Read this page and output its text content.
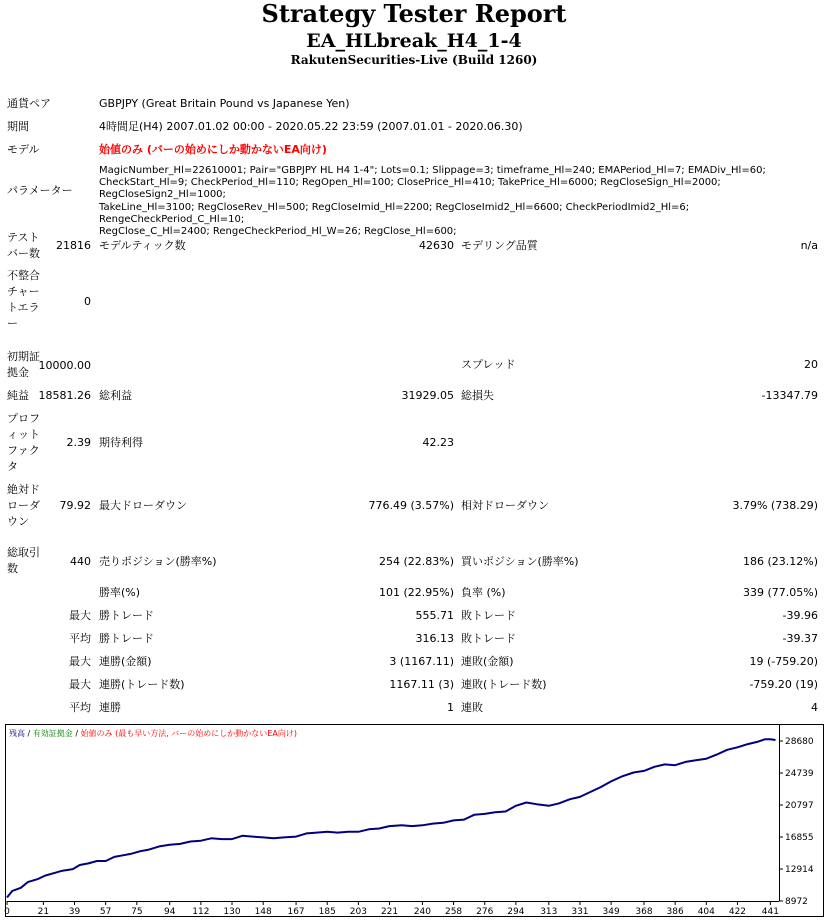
Strategy Tester Report
EA_HLbreak_H4_1-4
RakutenSecurities-Live (Build 1260)
通貨ペア	GBPJPY (Great Britain Pound vs Japanese Yen)
期間	4時間足(H4) 2007.01.02 00:00 - 2020.05.22 23:59 (2007.01.01 - 2020.06.30)
モデル	始値のみ (バーの始めにしか動かないEA向け)
パラメーター
MagicNumber_Hl=22610001; Pair="GBPJPY HL H4 1-4"; Lots=0.1; Slippage=3; timeframe_Hl=240; EMAPeriod_Hl=7; EMADiv_Hl=60;
CheckStart_Hl=9; CheckPeriod_Hl=110; RegOpen_Hl=100; ClosePrice_Hl=410; TakePrice_Hl=6000; RegCloseSign_Hl=2000; RegCloseSign2_Hl=1000;
TakeLine_Hl=3100; RegCloseRev_Hl=500; RegCloseImid_Hl=2200; RegCloseImid2_Hl=6600; CheckPeriodImid2_Hl=6; RengeCheckPeriod_C_Hl=10;
RegClose_C_Hl=2400; RengeCheckPeriod_Hl_W=26; RegClose_Hl=600;
テスト
バー数
21816 モデルティック数	42630 モデリング品質	n/a
不整合
チャー
トエラ
ー
0
初期証
拠金
10000.00	スプレッド	20
純益 18581.26 総利益	31929.05 総損失	-13347.79
プロフ
ィット
ファク
タ
2.39 期待利得	42.23
絶対ド
ローダ
ウン
79.92 最大ドローダウン	776.49 (3.57%) 相対ドローダウン	3.79% (738.29)
総取引
数
440 売りポジション(勝率%)	254 (22.83%) 買いポジション(勝率%)	186 (23.12%)
勝率(%)	101 (22.95%) 負率 (%)	339 (77.05%)
最大 勝トレード	555.71 敗トレード	-39.96
平均 勝トレード	316.13 敗トレード	-39.37
最大 連勝(金額)	3 (1167.11) 連敗(金額)	19 (-759.20)
最大 連勝(トレード数)	1167.11 (3) 連敗(トレード数)	-759.20 (19)
平均 連勝	1 連敗	4
残高 / 有効証拠金 / 始値のみ (最も早い方法, バーの始めにしか動かないEA向け)
0	21 39 57 75 94 112 130 148 167 185 203 221 240 258 276 294 313 331 349 368 386 404 422 441
8972
12914
16855
20797
24739
28680
